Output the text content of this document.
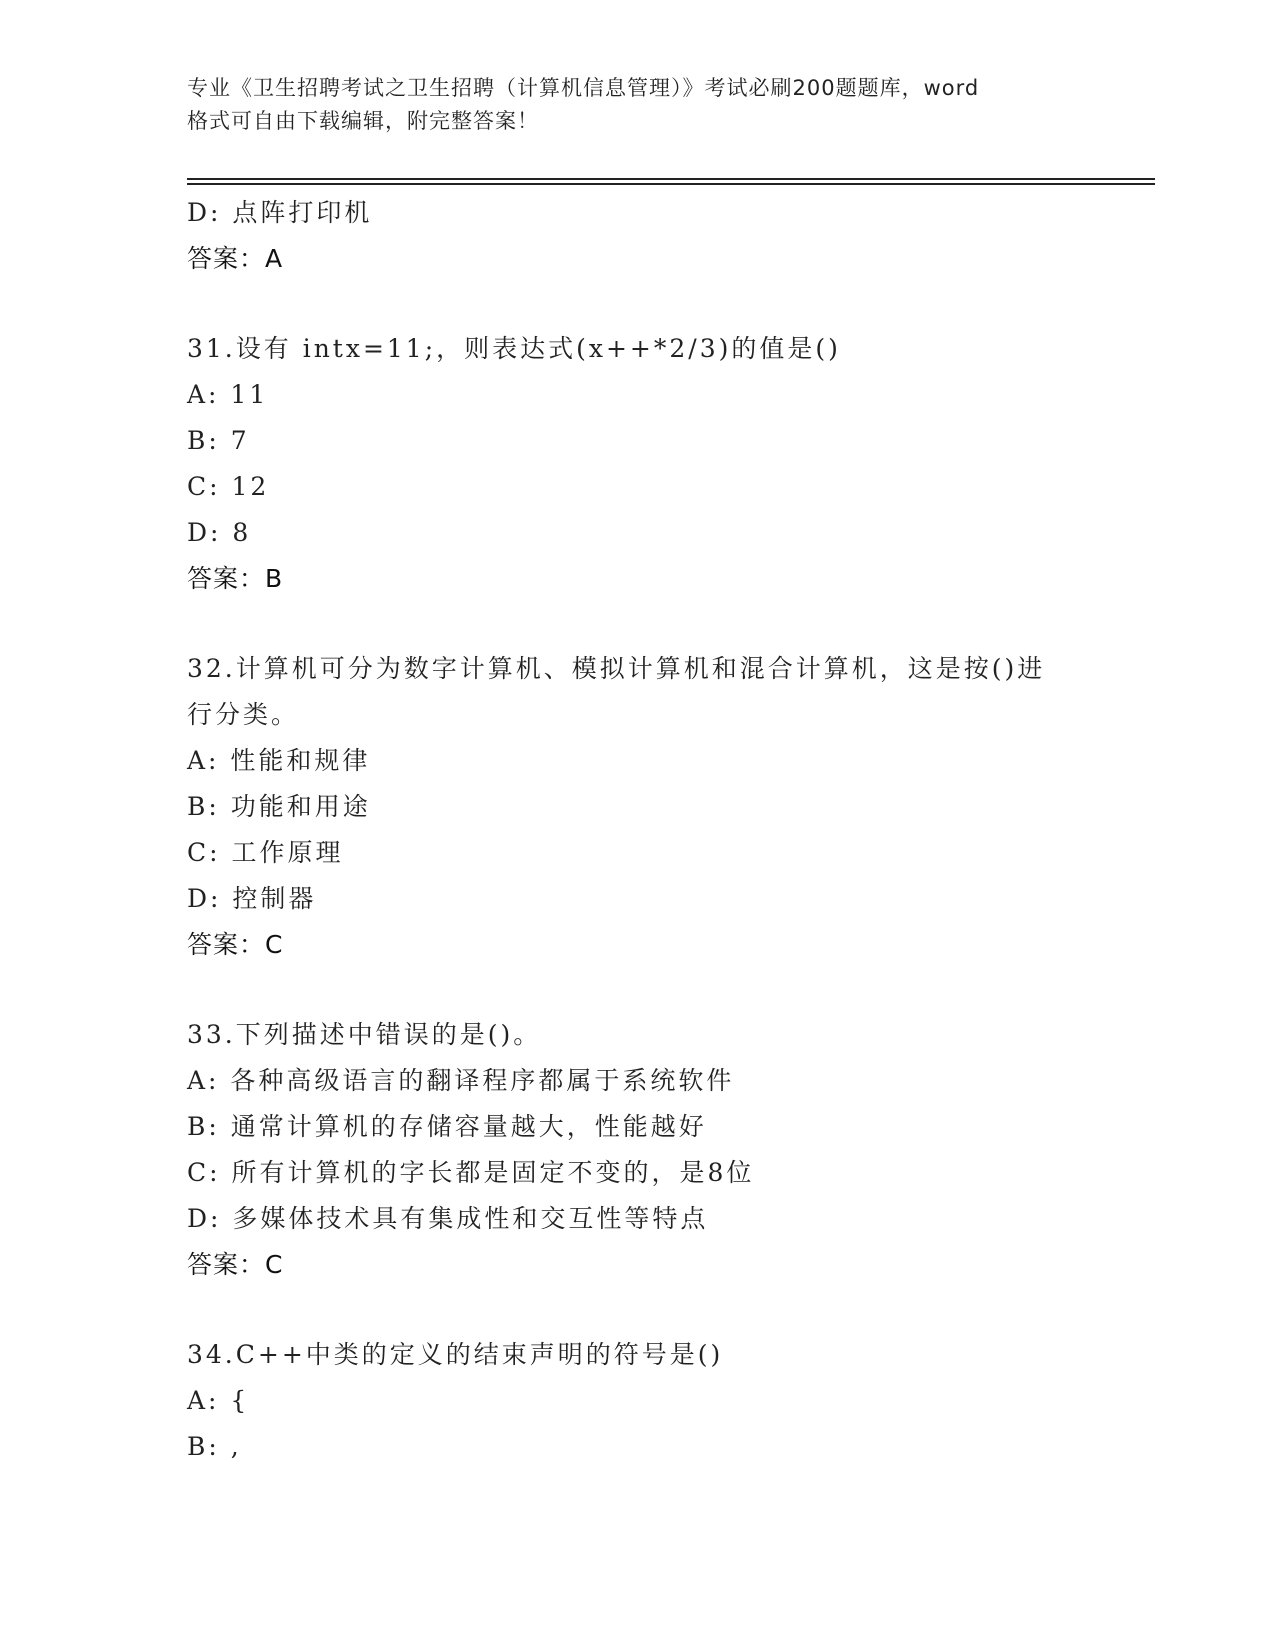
专业《卫生招聘考试之卫生招聘（计算机信息管理）》考试必刷200题题库，word
格式可自由下载编辑，附完整答案！
D: 点阵打印机
答案：A
31.设有 intx=11;，则表达式(x++*2/3)的值是()
A: 11
B: 7
C: 12
D: 8
答案：B
32.计算机可分为数字计算机、模拟计算机和混合计算机，这是按()进
行分类。
A: 性能和规律
B: 功能和用途
C: 工作原理
D: 控制器
答案：C
33.下列描述中错误的是()。
A: 各种高级语言的翻译程序都属于系统软件
B: 通常计算机的存储容量越大，性能越好
C: 所有计算机的字长都是固定不变的，是8位
D: 多媒体技术具有集成性和交互性等特点
答案：C
34.C++中类的定义的结束声明的符号是()
A: {
B: ,
